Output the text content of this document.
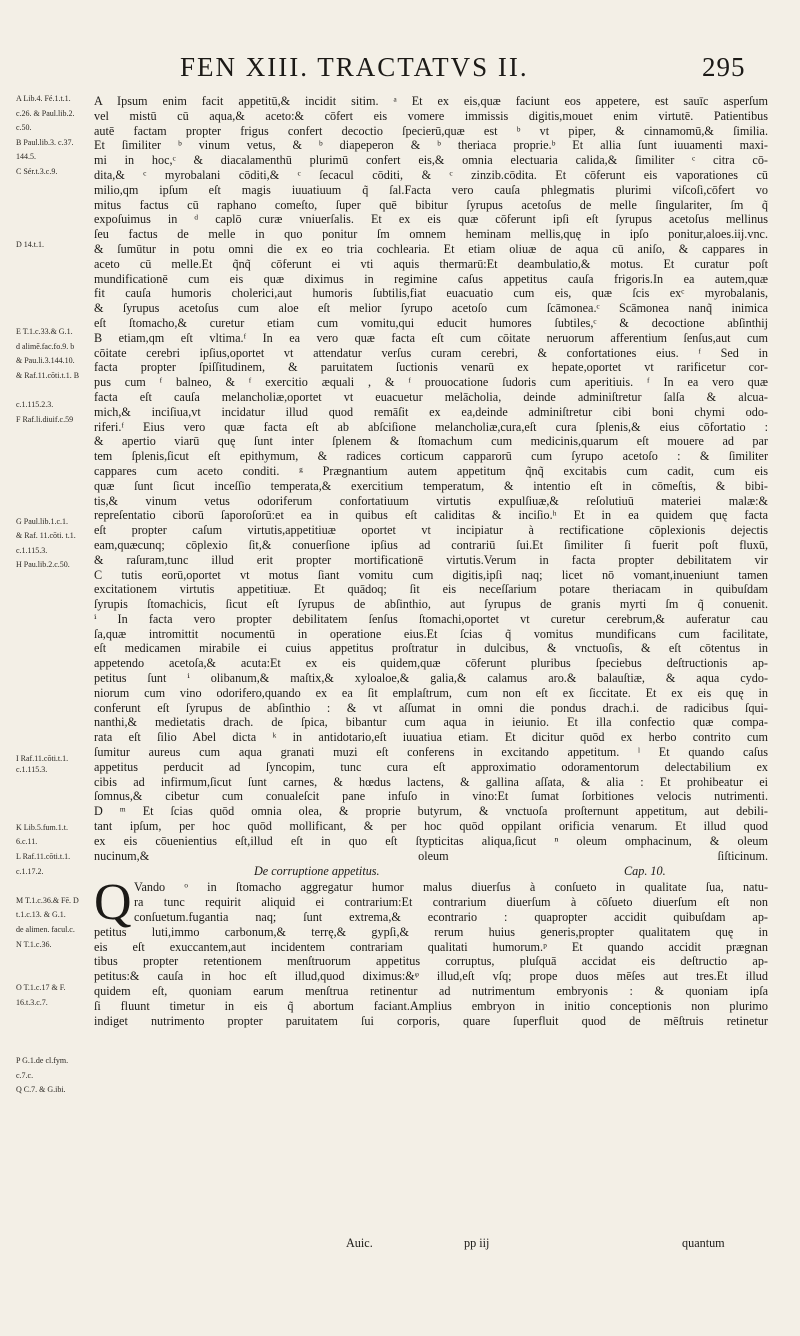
FEN XIII. TRACTATVS II.	295
A Lib.4. Fé.1.t.1.
c.26. & Paul.lib.2.
c.50.
B Paul.lib.3. c.37.
144.5.
C Sér.t.3.c.9.
D 14.t.1.
E T.1.c.33.& G.1.
d alimē.fac.fo.9. b
& Pau.li.3.144.10.
& Raf.11.cōti.t.1. B
c.1.115.2.3.
F Raf.li.diuif.c.59
G Paul.lib.1.c.1.
& Raf. 11.cōti. t.1.
c.1.115.3.
H Pau.lib.2.c.50.
I Raf.11.cōti.t.1.
c.1.115.3.
K Lib.5.fum.1.t.
6.c.11.
L Raf.11.cōti.t.1.
c.1.17.2.
M T.1.c.36.& Fē. D
t.1.c.13. & G.1.
de alimen. facul.c.
N T.1.c.36.
O T.1.c.17 & F.
16.t.3.c.7.
P G.1.de cl.fym.
c.7.c.
Q C.7. & G.ibi.
A Ipsum enim facit appetitū,& incidit sitim. ᵃ Et ex eis,quæ faciunt eos appetere, est sauīc asperſum
vel mistū cū aqua,& aceto:& cōfert eis vomere immissis digitis,mouet enim virtutē. Patientibus
autē factam propter frigus confert decoctio ſpecierū,quæ est ᵇ vt piper, & cinnamomū,& ſimilia.
Et ſimiliter ᵇ vinum vetus, & ᵇ diapeperon & ᵇ theriaca proprie.ᵇ Et allia ſunt iuuamenti maxi-
mi in hoc,ᶜ & diacalamenthū plurimū confert eis,& omnia electuaria calida,& ſimiliter ᶜ citra cō-
dita,& ᶜ myrobalani cōditi,& ᶜ ſecacul cōditi, & ᶜ zinzib.cōdita. Et cōferunt eis vaporationes cū
milio,qm ipſum eſt magis iuuatiuum q̃ ſal.Facta vero cauſa phlegmatis plurimi viſcoſi,cōfert vo
mitus factus cū raphano comeſto, ſuper quē bibitur ſyrupus acetoſus de melle ſingulariter, ſm q̃
expoſuimus in ᵈ caplō curæ vniuerſalis. Et ex eis quæ cōferunt ipſi eſt ſyrupus acetoſus mellinus
ſeu factus de melle in quo ponitur ſm omnem heminam mellis,quę in ipſo ponitur,aloes.iij.vnc.
& ſumūtur in potu omni die ex eo tria cochlearia. Et etiam oliuæ de aqua cū aniſo, & cappares in
aceto cū melle.Et q̃nq̃ cōferunt ei vti aquis thermarū:Et deambulatio,& motus. Et curatur poſt
mundificationē cum eis quæ diximus in regimine caſus appetitus cauſa frigoris.In ea autem,quæ
fit cauſa humoris cholerici,aut humoris ſubtilis,fiat euacuatio cum eis, quæ ſcis exᶜ myrobalanis,
& ſyrupus acetoſus cum aloe eſt melior ſyrupo acetoſo cum ſcāmonea.ᶜ Scāmonea nanq̃ inimica
eſt ſtomacho,& curetur etiam cum vomitu,qui educit humores ſubtiles,ᶜ & decoctione abſinthij
B etiam,qm eſt vltima.ᶠ In ea vero quæ facta eſt cum cōitate neruorum afferentium ſenſus,aut cum
cōitate cerebri ipſius,oportet vt attendatur verſus curam cerebri, & confortationes eius. ᶠ Sed in
facta propter ſpiſſitudinem, & paruitatem ſuctionis venarū ex hepate,oportet vt rarificetur cor-
pus cum ᶠ balneo, & ᶠ exercitio æquali , & ᶠ prouocatione ſudoris cum aperitiuis. ᶠ In ea vero quæ
facta eſt cauſa melancholiæ,oportet vt euacuetur melācholia, deinde adminiſtretur ſalſa & alcua-
mich,& inciſiua,vt incidatur illud quod remāſit ex ea,deinde adminiſtretur cibi boni chymi odo-
riferi.ᶠ Eius vero quæ facta eſt ab abſciſione melancholiæ,cura,eſt cura ſplenis,& eius cōfortatio :
& apertio viarū quę ſunt inter ſplenem & ſtomachum cum medicinis,quarum eſt mouere ad par
tem ſplenis,ſicut eſt epithymum, & radices corticum capparorū cum ſyrupo acetoſo : & ſimiliter
cappares cum aceto conditi. ᵍ Prægnantium autem appetitum q̃nq̃ excitabis cum cadit, cum eis
quæ ſunt ſicut inceſſio temperata,& exercitium temperatum, & intentio eſt in cōmeſtis, & bibi-
tis,& vinum vetus odoriferum confortatiuum virtutis expulſiuæ,& reſolutiuū materiei malæ:&
repreſentatio ciborū ſaporoſorū:et ea in quibus eſt caliditas & inciſio.ʰ Et in ea quidem quę facta
eſt propter caſum virtutis,appetitiuæ oportet vt incipiatur à rectificatione cōplexionis dejectis
eam,quæcunq; cōplexio ſit,& conuerſione ipſius ad contrariū ſui.Et ſimiliter ſi fuerit poſt fluxū,
& raſuram,tunc illud erit propter mortificationē virtutis.Verum in facta propter debilitatem vir
C tutis eorū,oportet vt motus ſiant vomitu cum digitis,ipſi naq; licet nō vomant,inueniunt tamen
excitationem virtutis appetitiuæ. Et quādoq; ſit eis neceſſarium potare theriacam in quibuſdam
ſyrupis ſtomachicis, ſicut eſt ſyrupus de abſinthio, aut ſyrupus de granis myrti ſm q̃ conuenit.
ⁱ In facta vero propter debilitatem ſenſus ſtomachi,oportet vt curetur cerebrum,& auferatur cau
ſa,quæ intromittit nocumentū in operatione eius.Et ſcias q̃ vomitus mundificans cum facilitate,
eſt medicamen mirabile ei cuius appetitus proſtratur in dulcibus, & vnctuoſis, & eſt cōtentus in
appetendo acetoſa,& acuta:Et ex eis quidem,quæ cōferunt pluribus ſpeciebus deſtructionis ap-
petitus ſunt ⁱ olibanum,& maſtix,& xyloaloe,& galia,& calamus aro.& balauſtiæ, & aqua cydo-
niorum cum vino odorifero,quando ex ea ſit emplaſtrum, cum non eſt ex ſiccitate. Et ex eis quę in
conferunt eſt ſyrupus de abſinthio : & vt aſſumat in omni die pondus drach.i. de radicibus ſqui-
nanthi,& medietatis drach. de ſpica, bibantur cum aqua in ieiunio. Et illa confectio quæ compa-
rata eſt ſilio Abel dicta ᵏ in antidotario,eſt iuuatiua etiam. Et dicitur quōd ex herbo contrito cum
ſumitur aureus cum aqua granati muzi eſt conferens in excitando appetitum. ˡ Et quando caſus
appetitus perducit ad ſyncopim, tunc cura eſt approximatio odoramentorum delectabilium ex
cibis ad infirmum,ſicut ſunt carnes, & hœdus lactens, & gallina aſſata, & alia : Et prohibeatur ei
ſomnus,& cibetur cum conualeſcit pane infuſo in vino:Et ſumat ſorbitiones velocis nutrimenti.
D ᵐ Et ſcias quōd omnia olea, & proprie butyrum, & vnctuoſa proſternunt appetitum, aut debili-
tant ipſum, per hoc quōd mollificant, & per hoc quōd oppilant orificia venarum. Et illud quod
ex eis cōuenientius eſt,illud eſt in quo eſt ſtypticitas aliqua,ſicut ⁿ oleum omphacinum, & oleum
nucinum,& oleum ſiſticinum.
De corruptione appetitus.	Cap. 10.
Q Vando ᵒ in ſtomacho aggregatur humor malus diuerſus à conſueto in qualitate ſua, natu-
ra tunc requirit aliquid ei contrarium:Et contrarium diuerſum à cōſueto diuerſum eſt non
conſuetum.fugantia naq; ſunt extrema,& econtrario : quapropter accidit quibuſdam ap-
petitus luti,immo carbonum,& terrę,& gypſi,& rerum huius generis,propter qualitatem quę in
eis eſt exuccantem,aut incidentem contrariam qualitati humorum.ᵖ Et quando accidit prægnan
tibus propter retentionem menſtruorum appetitus corruptus, pluſquā accidat eis deſtructio ap-
petitus:& cauſa in hoc eſt illud,quod diximus:&ᵠ illud,eſt vſq; prope duos mēſes aut tres.Et illud
quidem eſt, quoniam earum menſtrua retinentur ad nutrimentum embryonis : & quoniam ipſa
ſi fluunt timetur in eis q̃ abortum faciant.Amplius embryon in initio conceptionis non plurimo
indiget nutrimento propter paruitatem ſui corporis, quare ſuperfluit quod de mēſtruis retinetur
Auic.	pp iij	quantum
